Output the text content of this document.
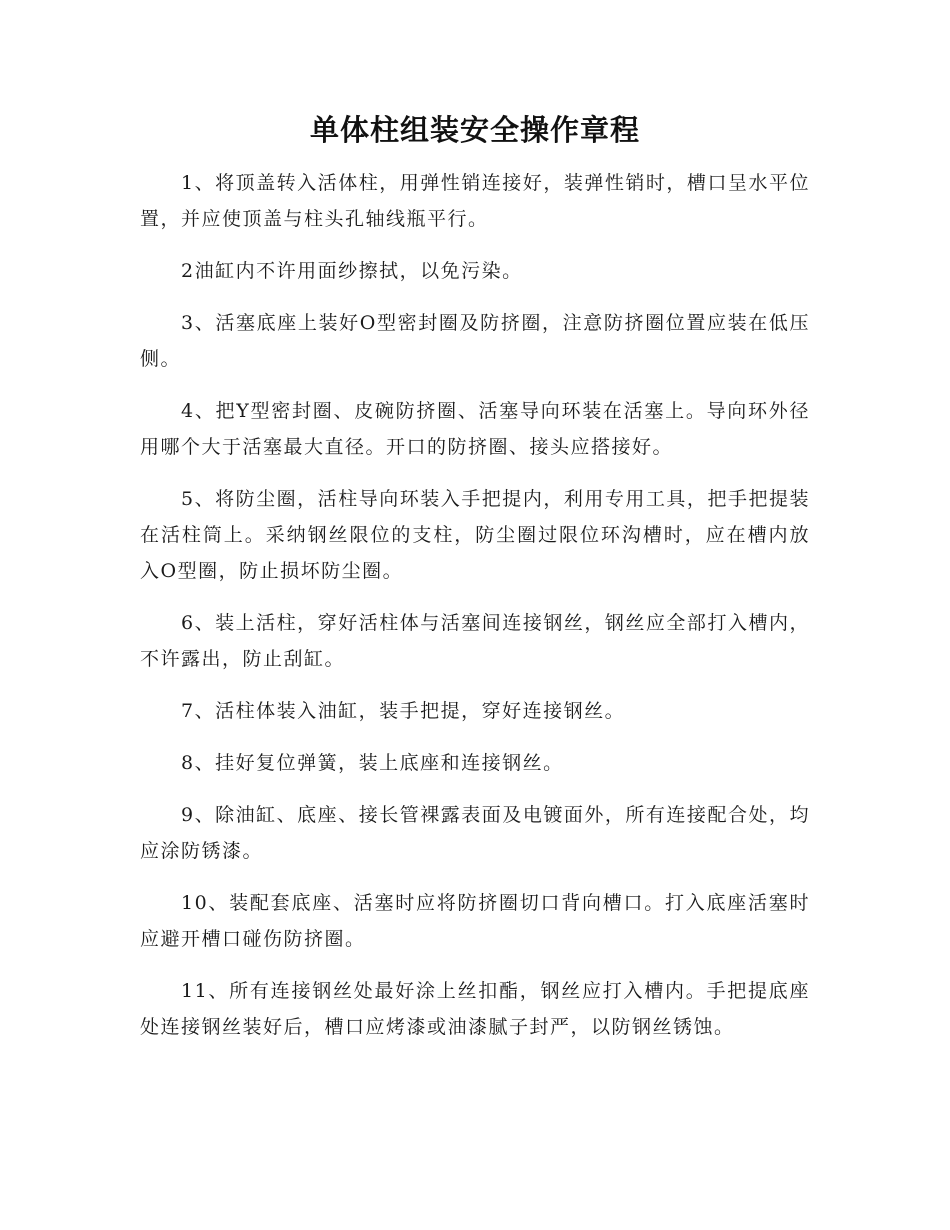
单体柱组装安全操作章程

1、将顶盖转入活体柱，用弹性销连接好，装弹性销时，槽口呈水平位置，并应使顶盖与柱头孔轴线瓶平行。

2油缸内不许用面纱擦拭，以免污染。

3、活塞底座上装好O型密封圈及防挤圈，注意防挤圈位置应装在低压侧。

4、把Y型密封圈、皮碗防挤圈、活塞导向环装在活塞上。导向环外径用哪个大于活塞最大直径。开口的防挤圈、接头应搭接好。

5、将防尘圈，活柱导向环装入手把提内，利用专用工具，把手把提装在活柱筒上。采纳钢丝限位的支柱，防尘圈过限位环沟槽时，应在槽内放入O型圈，防止损坏防尘圈。

6、装上活柱，穿好活柱体与活塞间连接钢丝，钢丝应全部打入槽内，不许露出，防止刮缸。

7、活柱体装入油缸，装手把提，穿好连接钢丝。

8、挂好复位弹簧，装上底座和连接钢丝。

9、除油缸、底座、接长管裸露表面及电镀面外，所有连接配合处，均应涂防锈漆。

10、装配套底座、活塞时应将防挤圈切口背向槽口。打入底座活塞时应避开槽口碰伤防挤圈。

11、所有连接钢丝处最好涂上丝扣酯，钢丝应打入槽内。手把提底座处连接钢丝装好后，槽口应烤漆或油漆腻子封严，以防钢丝锈蚀。
